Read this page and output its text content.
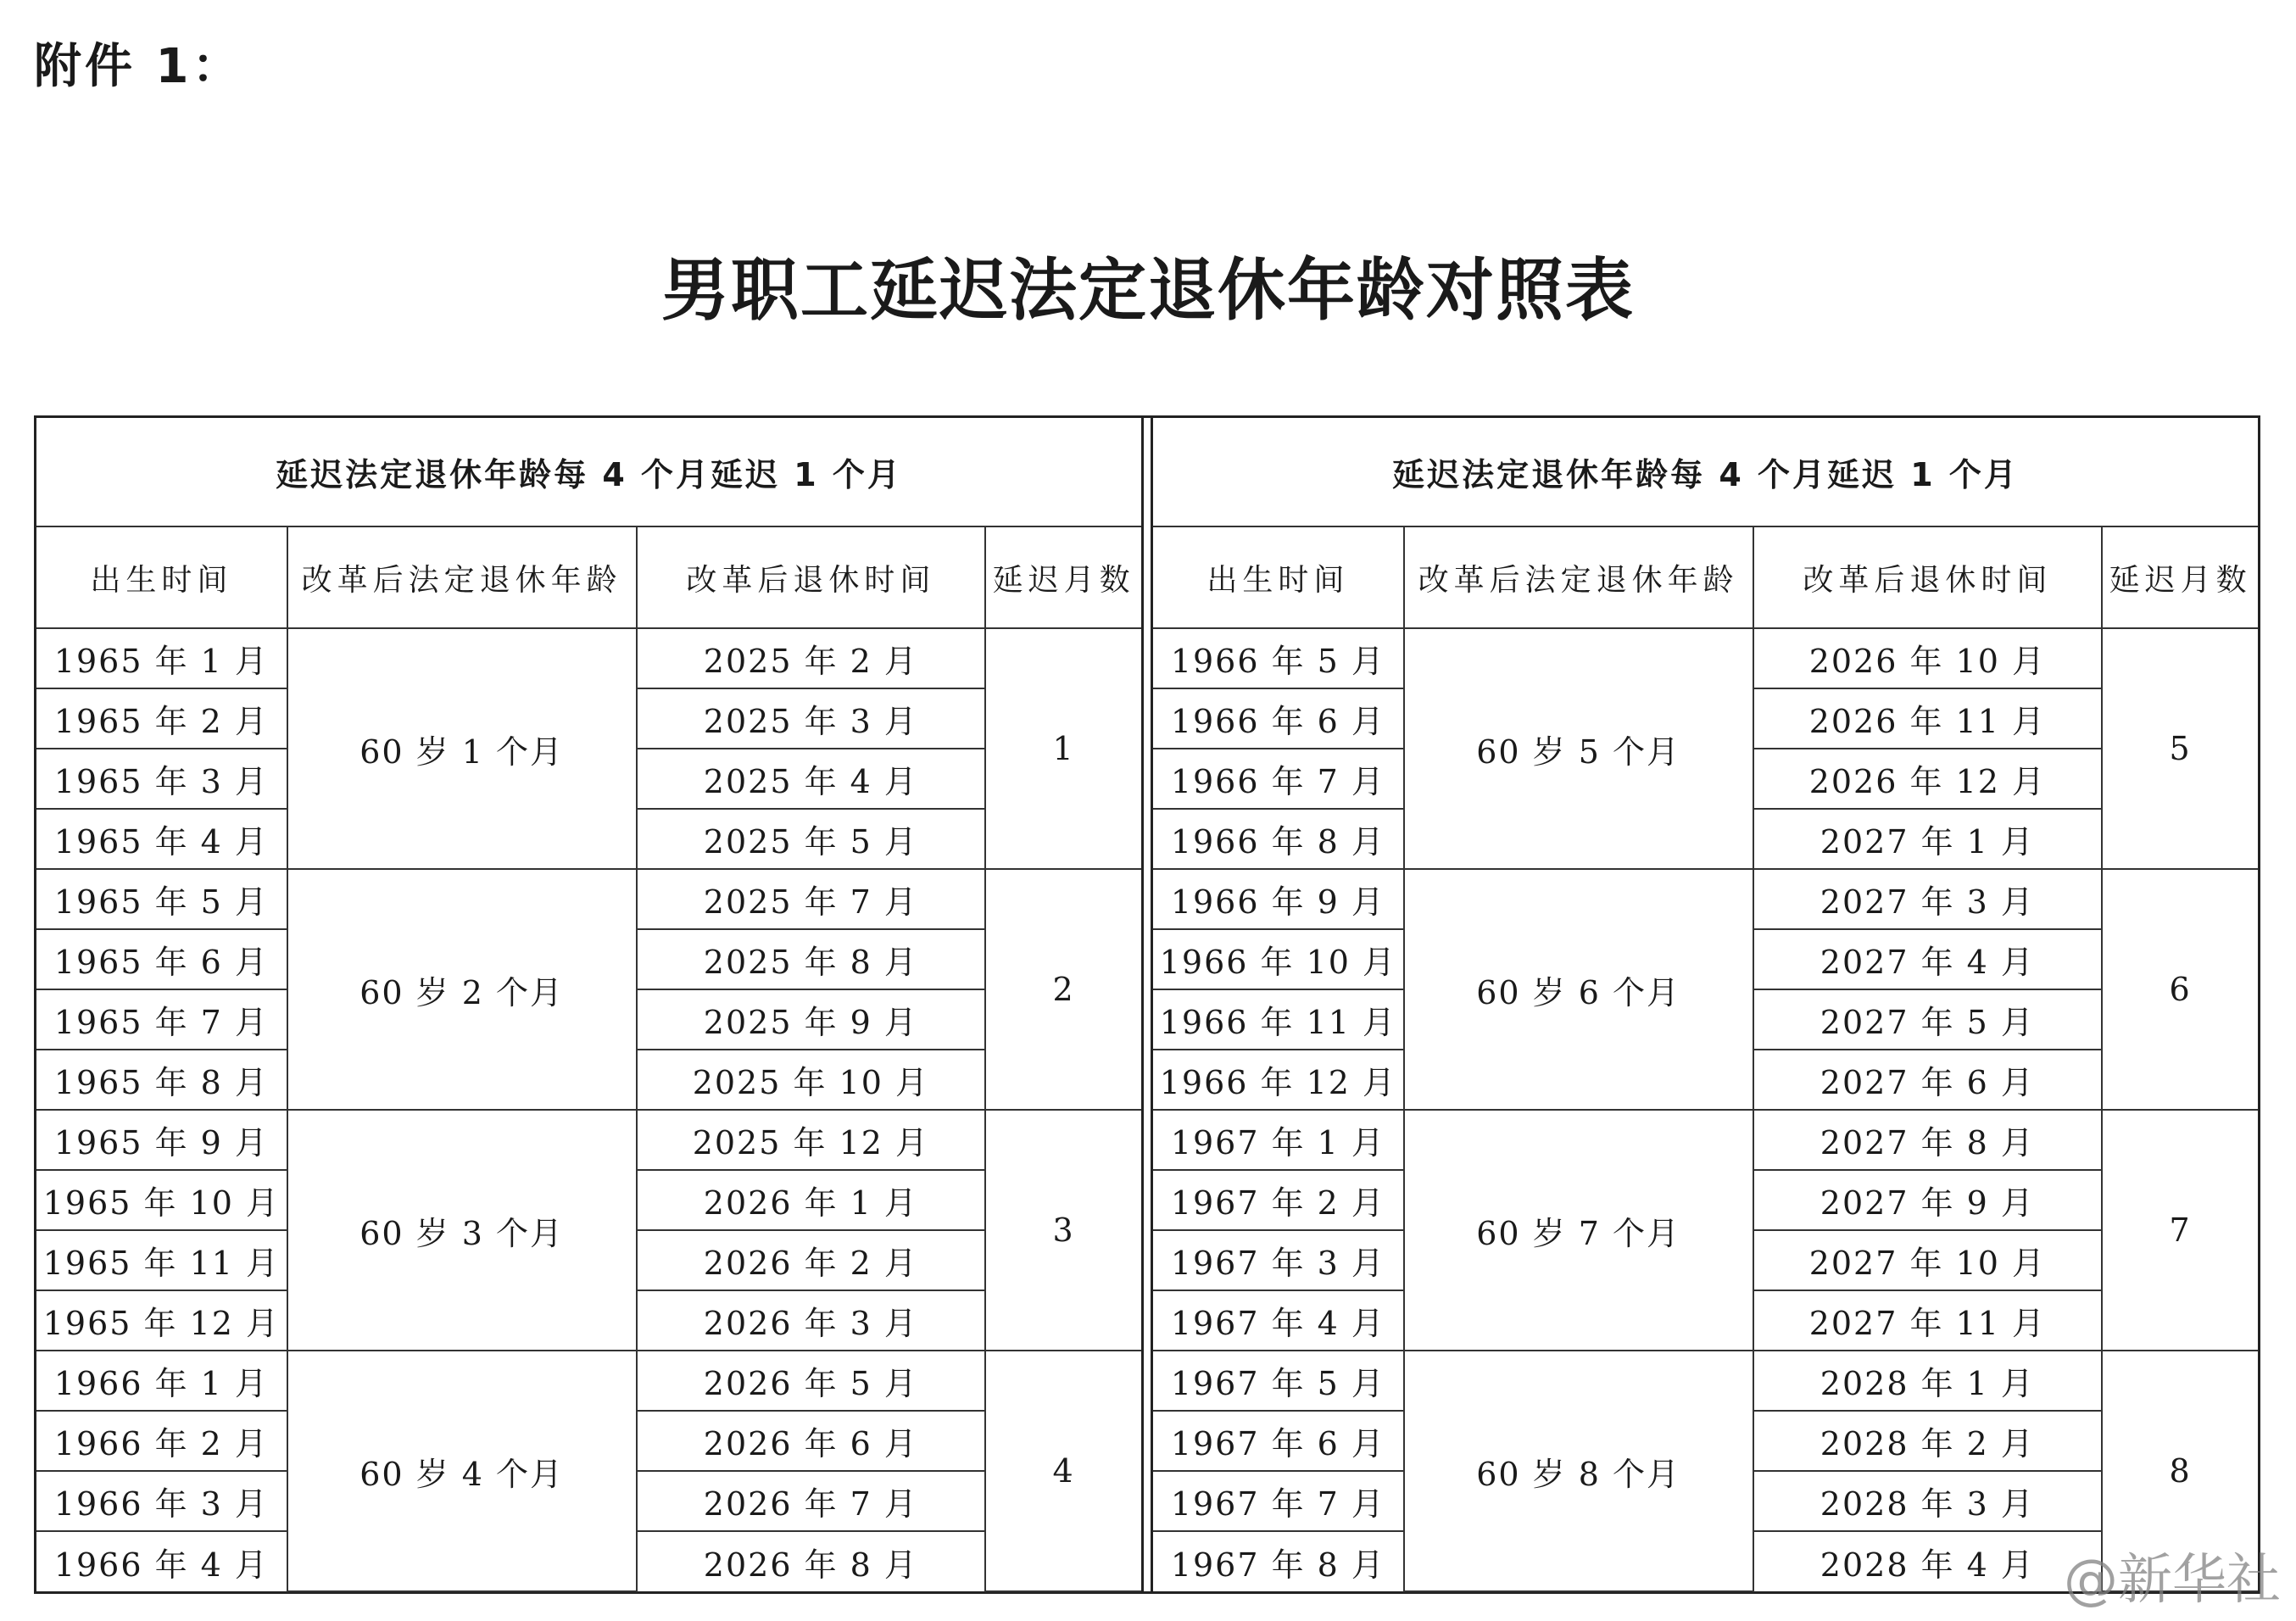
附件 1：
男职工延迟法定退休年龄对照表
延迟法定退休年龄每 4 个月延迟 1 个月			
出生时间	改革后法定退休年龄	改革后退休时间	延迟月数
1965 年 1 月	60 岁 1 个月	2025 年 2 月	1
1965 年 2 月		2025 年 3 月	
1965 年 3 月		2025 年 4 月	
1965 年 4 月		2025 年 5 月	
1965 年 5 月	60 岁 2 个月	2025 年 7 月	2
1965 年 6 月		2025 年 8 月	
1965 年 7 月		2025 年 9 月	
1965 年 8 月		2025 年 10 月	
1965 年 9 月	60 岁 3 个月	2025 年 12 月	3
1965 年 10 月		2026 年 1 月	
1965 年 11 月		2026 年 2 月	
1965 年 12 月		2026 年 3 月	
1966 年 1 月	60 岁 4 个月	2026 年 5 月	4
1966 年 2 月		2026 年 6 月	
1966 年 3 月		2026 年 7 月	
1966 年 4 月		2026 年 8 月	
延迟法定退休年龄每 4 个月延迟 1 个月			
出生时间	改革后法定退休年龄	改革后退休时间	延迟月数
1966 年 5 月	60 岁 5 个月	2026 年 10 月	5
1966 年 6 月		2026 年 11 月	
1966 年 7 月		2026 年 12 月	
1966 年 8 月		2027 年 1 月	
1966 年 9 月	60 岁 6 个月	2027 年 3 月	6
1966 年 10 月		2027 年 4 月	
1966 年 11 月		2027 年 5 月	
1966 年 12 月		2027 年 6 月	
1967 年 1 月	60 岁 7 个月	2027 年 8 月	7
1967 年 2 月		2027 年 9 月	
1967 年 3 月		2027 年 10 月	
1967 年 4 月		2027 年 11 月	
1967 年 5 月	60 岁 8 个月	2028 年 1 月	8
1967 年 6 月		2028 年 2 月	
1967 年 7 月		2028 年 3 月	
1967 年 8 月		2028 年 4 月	@新华社
